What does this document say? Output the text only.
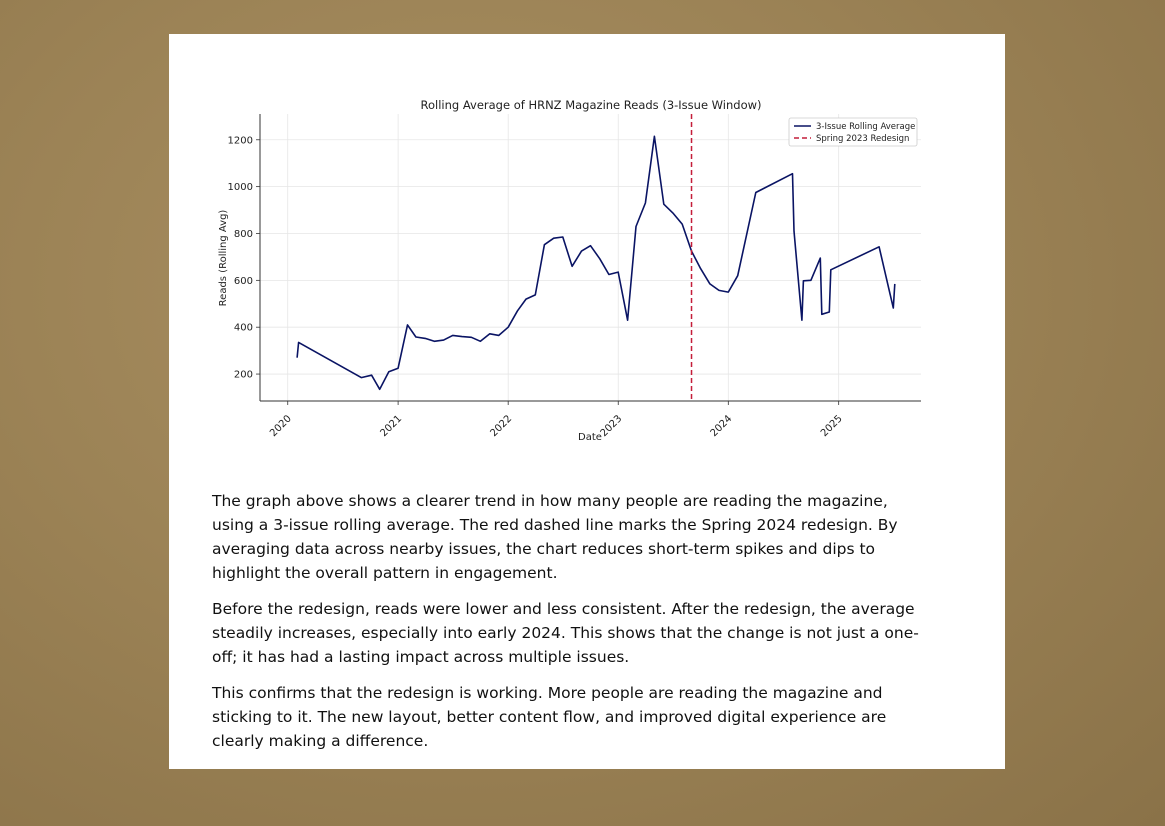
Rolling Average of HRNZ Magazine Reads (3-Issue Window)
Reads (Rolling Avg)
Date
200
400
600
800
1000
1200
2020	2021	2022	2023	2024	2025
3-Issue Rolling Average
Spring 2023 Redesign

The graph above shows a clearer trend in how many people are reading the magazine, using a 3-issue rolling average. The red dashed line marks the Spring 2024 redesign. By averaging data across nearby issues, the chart reduces short-term spikes and dips to highlight the overall pattern in engagement.

Before the redesign, reads were lower and less consistent. After the redesign, the average steadily increases, especially into early 2024. This shows that the change is not just a one-off; it has had a lasting impact across multiple issues.

This confirms that the redesign is working. More people are reading the magazine and sticking to it. The new layout, better content flow, and improved digital experience are clearly making a difference.
